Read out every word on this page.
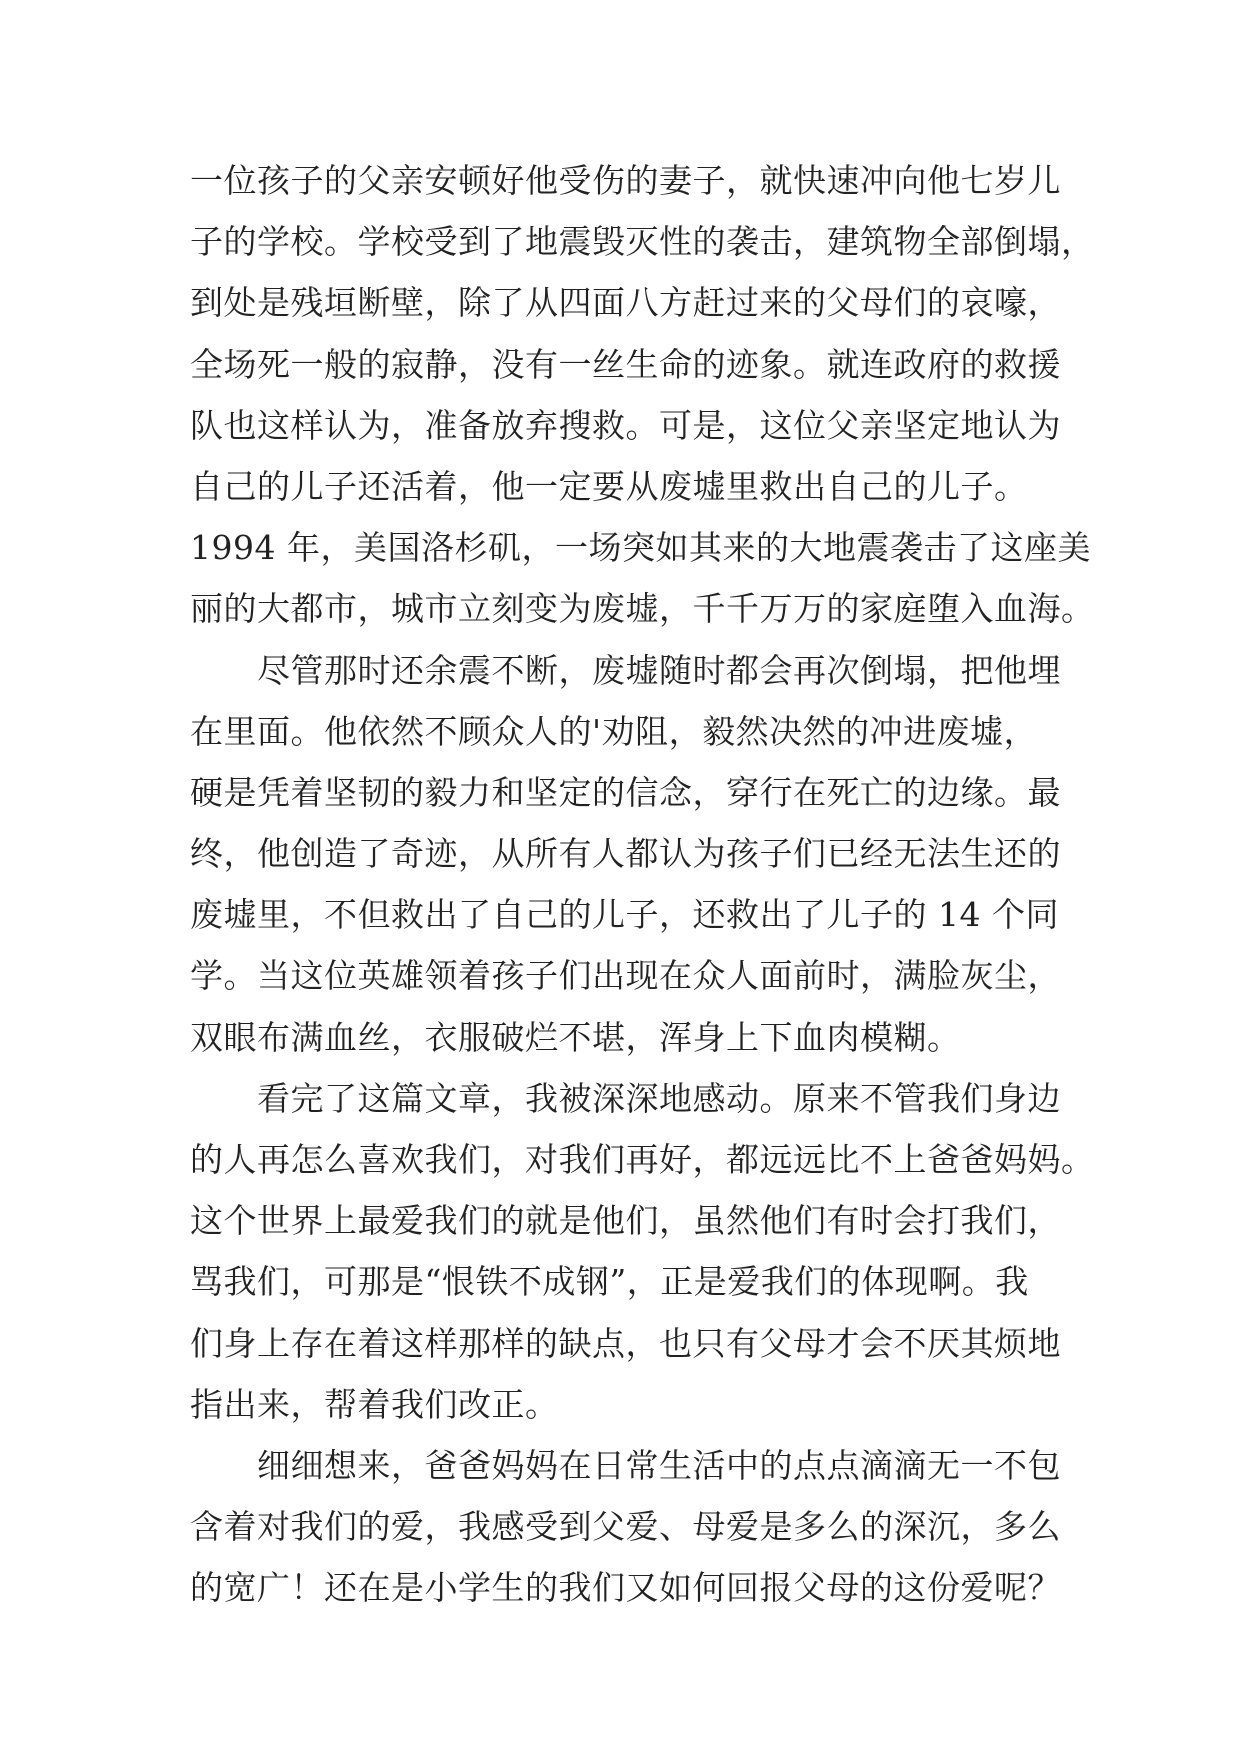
一位孩子的父亲安顿好他受伤的妻子，就快速冲向他七岁儿
子的学校。学校受到了地震毁灭性的袭击，建筑物全部倒塌，
到处是残垣断壁，除了从四面八方赶过来的父母们的哀嚎，
全场死一般的寂静，没有一丝生命的迹象。就连政府的救援
队也这样认为，准备放弃搜救。可是，这位父亲坚定地认为
自己的儿子还活着，他一定要从废墟里救出自己的儿子。
1994 年，美国洛杉矶，一场突如其来的大地震袭击了这座美
丽的大都市，城市立刻变为废墟，千千万万的家庭堕入血海。
　　尽管那时还余震不断，废墟随时都会再次倒塌，把他埋
在里面。他依然不顾众人的'劝阻，毅然决然的冲进废墟，
硬是凭着坚韧的毅力和坚定的信念，穿行在死亡的边缘。最
终，他创造了奇迹，从所有人都认为孩子们已经无法生还的
废墟里，不但救出了自己的儿子，还救出了儿子的 14 个同
学。当这位英雄领着孩子们出现在众人面前时，满脸灰尘，
双眼布满血丝，衣服破烂不堪，浑身上下血肉模糊。
　　看完了这篇文章，我被深深地感动。原来不管我们身边
的人再怎么喜欢我们，对我们再好，都远远比不上爸爸妈妈。
这个世界上最爱我们的就是他们，虽然他们有时会打我们，
骂我们，可那是“恨铁不成钢”，正是爱我们的体现啊。我
们身上存在着这样那样的缺点，也只有父母才会不厌其烦地
指出来，帮着我们改正。
　　细细想来，爸爸妈妈在日常生活中的点点滴滴无一不包
含着对我们的爱，我感受到父爱、母爱是多么的深沉，多么
的宽广！还在是小学生的我们又如何回报父母的这份爱呢？
